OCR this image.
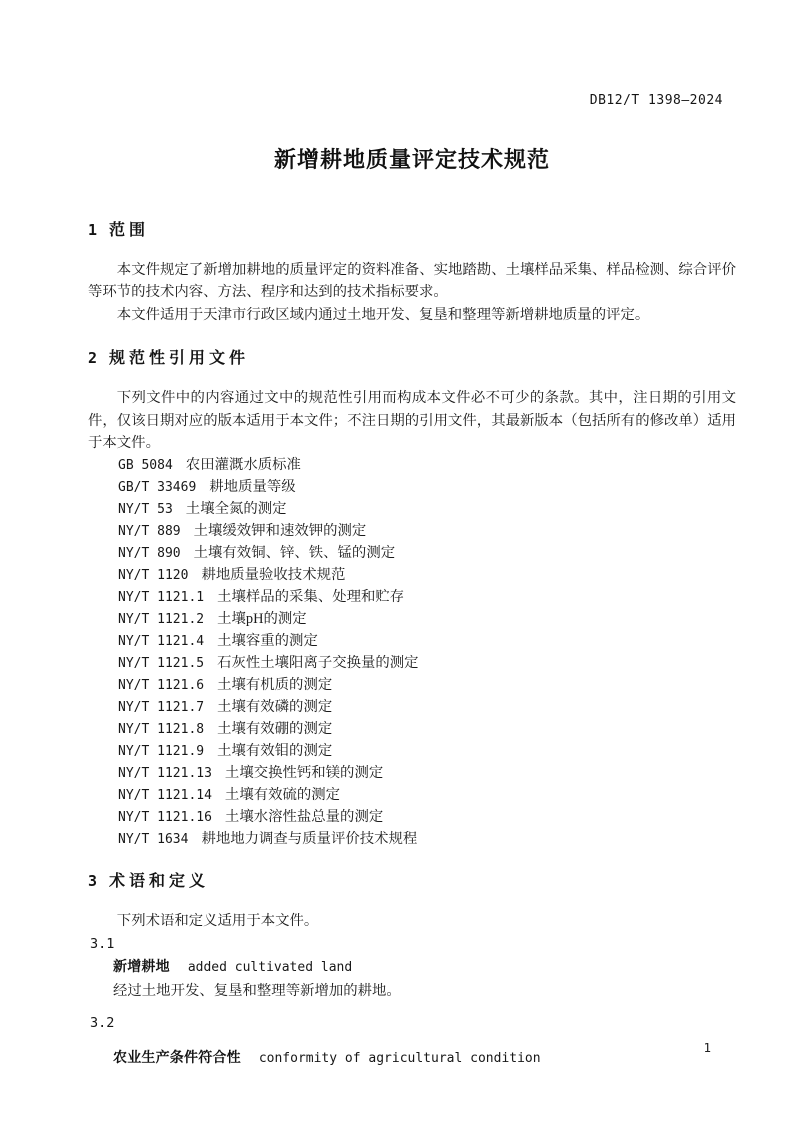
DB12/T 1398—2024
新增耕地质量评定技术规范
1 范围

本文件规定了新增加耕地的质量评定的资料准备、实地踏勘、土壤样品采集、样品检测、综合评价等环节的技术内容、方法、程序和达到的技术指标要求。

本文件适用于天津市行政区域内通过土地开发、复垦和整理等新增耕地质量的评定。

2 规范性引用文件

下列文件中的内容通过文中的规范性引用而构成本文件必不可少的条款。其中，注日期的引用文件，仅该日期对应的版本适用于本文件；不注日期的引用文件，其最新版本（包括所有的修改单）适用于本文件。

GB 5084 农田灌溉水质标准
GB/T 33469 耕地质量等级
NY/T 53 土壤全氮的测定
NY/T 889 土壤缓效钾和速效钾的测定
NY/T 890 土壤有效铜、锌、铁、锰的测定
NY/T 1120 耕地质量验收技术规范
NY/T 1121.1 土壤样品的采集、处理和贮存
NY/T 1121.2 土壤pH的测定
NY/T 1121.4 土壤容重的测定
NY/T 1121.5 石灰性土壤阳离子交换量的测定
NY/T 1121.6 土壤有机质的测定
NY/T 1121.7 土壤有效磷的测定
NY/T 1121.8 土壤有效硼的测定
NY/T 1121.9 土壤有效钼的测定
NY/T 1121.13 土壤交换性钙和镁的测定
NY/T 1121.14 土壤有效硫的测定
NY/T 1121.16 土壤水溶性盐总量的测定
NY/T 1634 耕地地力调查与质量评价技术规程
3 术语和定义

下列术语和定义适用于本文件。

3.1

新增耕地 added cultivated land

经过土地开发、复垦和整理等新增加的耕地。

3.2

农业生产条件符合性 conformity of agricultural condition
1
